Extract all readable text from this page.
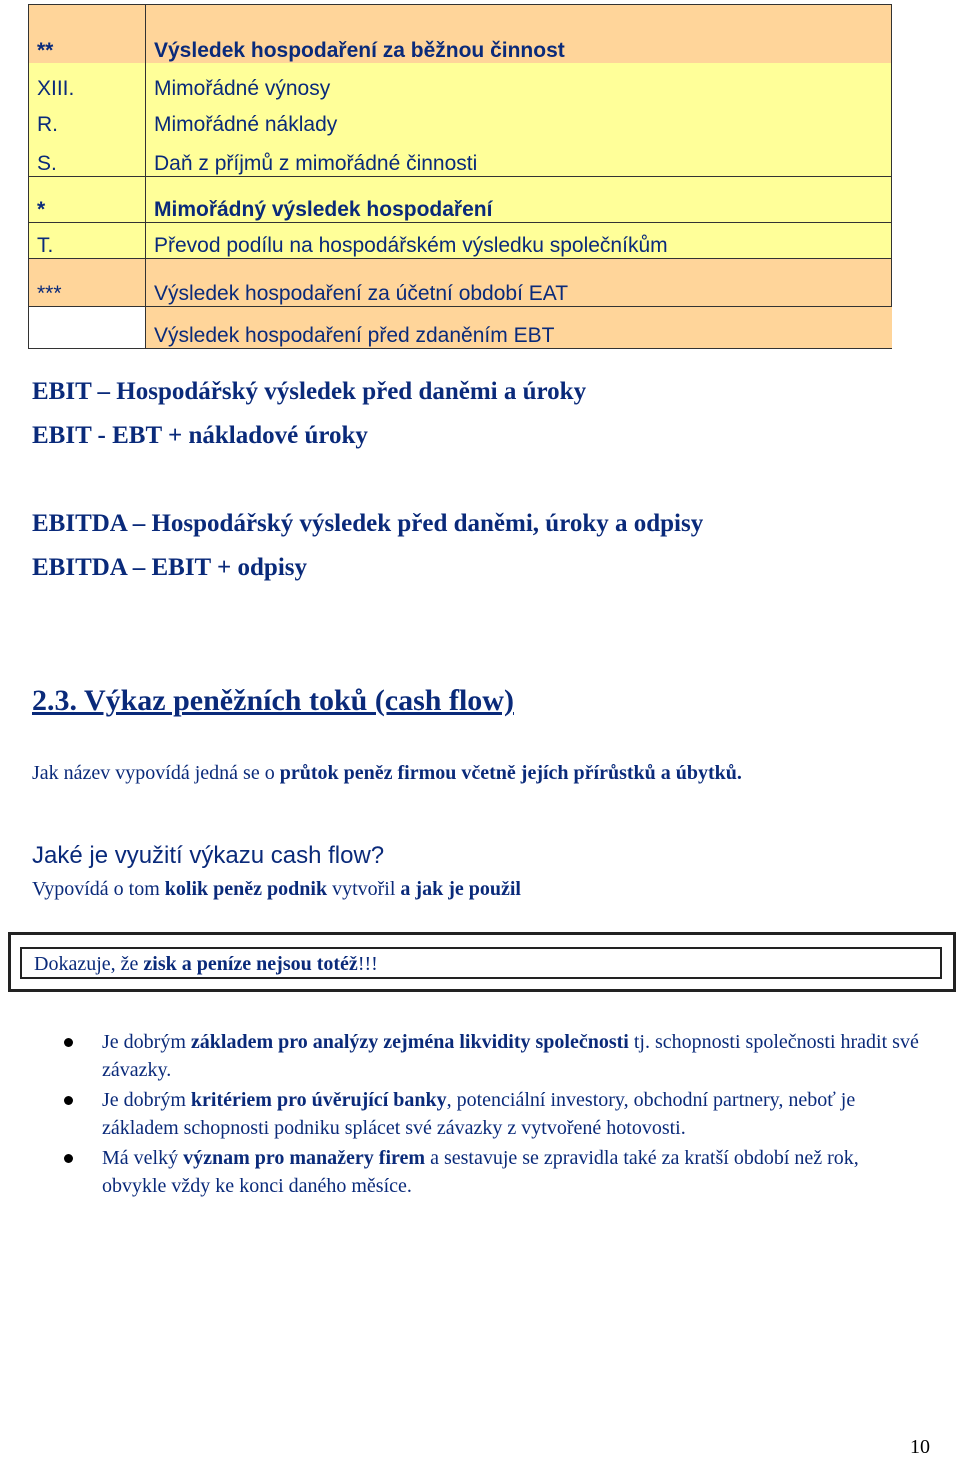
**	Výsledek hospodaření za běžnou činnost
XIII.	Mimořádné výnosy
R.	Mimořádné náklady
S.	Daň z příjmů z mimořádné činnosti
*	Mimořádný výsledek hospodaření
T.	Převod podílu na hospodářském výsledku společníkům
***	Výsledek hospodaření za účetní období EAT
	Výsledek hospodaření před zdaněním EBT
EBIT – Hospodářský výsledek před daněmi a úroky
EBIT - EBT + nákladové úroky
EBITDA – Hospodářský výsledek před daněmi, úroky a odpisy
EBITDA – EBIT + odpisy
2.3. Výkaz peněžních toků (cash flow)
Jak název vypovídá jedná se o průtok peněz firmou včetně jejích přírůstků a úbytků.
Jaké je využití výkazu cash flow?
Vypovídá o tom kolik peněz podnik vytvořil a jak je použil
Dokazuje, že zisk a peníze nejsou totéž!!!
Je dobrým základem pro analýzy zejména likvidity společnosti tj. schopnosti společnosti hradit své závazky.
Je dobrým kritériem pro úvěrující banky, potenciální investory, obchodní partnery, neboť je základem schopnosti podniku splácet své závazky z vytvořené hotovosti.
Má velký význam pro manažery firem a sestavuje se zpravidla také za kratší období než rok, obvykle vždy ke konci daného měsíce.
10
